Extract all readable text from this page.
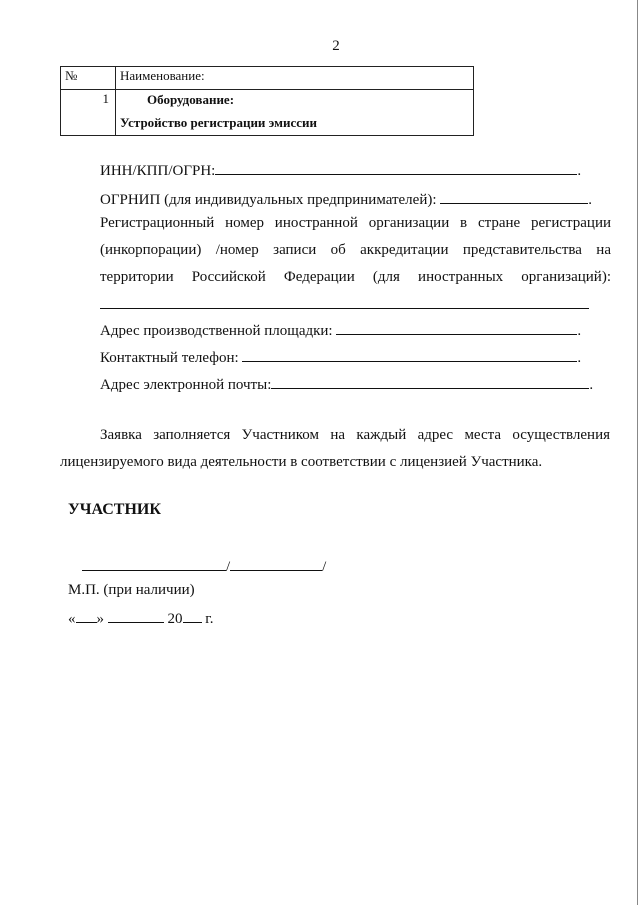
2
№	Наименование:
1	Оборудование:
Устройство регистрации эмиссии
ИНН/КПП/ОГРН:	.
ОГРНИП (для индивидуальных предпринимателей):	.
Регистрационный номер иностранной организации в стране регистрации
(инкорпорации) /номер записи об аккредитации представительства на
территории Российской Федерации (для иностранных организаций):
Адрес производственной площадки:	.
Контактный телефон:	.
Адрес электронной почты:	.
Заявка заполняется Участником на каждый адрес места осуществления
лицензируемого вида деятельности в соответствии с лицензией Участника.
УЧАСТНИК
/	/
М.П. (при наличии)
« »	20 г.
